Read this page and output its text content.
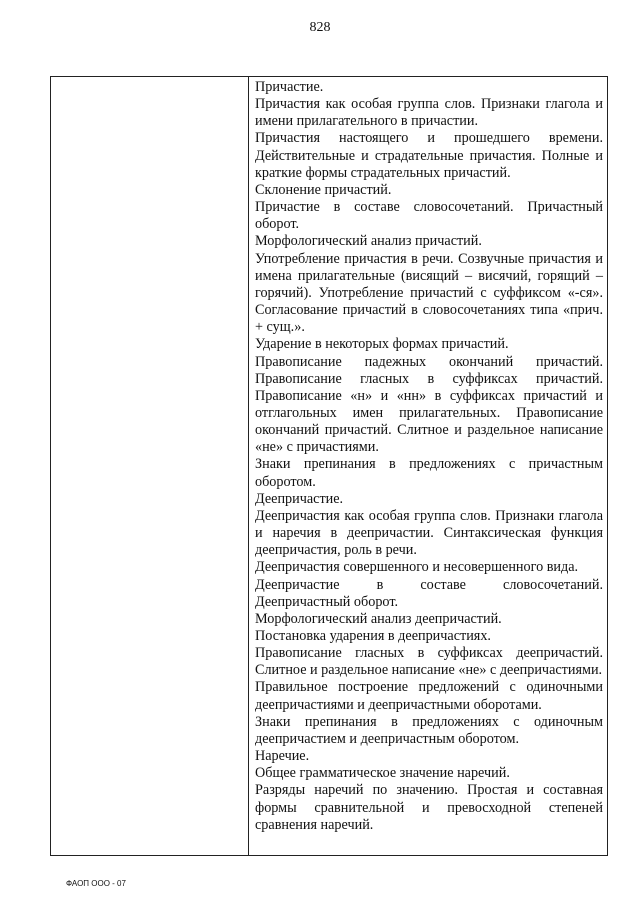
828

Причастие.

Причастия как особая группа слов. Признаки глагола и имени прилагательного в причастии.

Причастия настоящего и прошедшего времени.

Действительные и страдательные причастия. Полные и краткие формы страдательных причастий.

Склонение причастий.

Причастие в составе словосочетаний. Причастный оборот.

Морфологический анализ причастий.

Употребление причастия в речи. Созвучные причастия и имена прилагательные (висящий – висячий, горящий – горячий). Употребление причастий с суффиксом «-ся». Согласование причастий в словосочетаниях типа «прич. + сущ.».

Ударение в некоторых формах причастий.

Правописание падежных окончаний причастий.

Правописание гласных в суффиксах причастий.

Правописание «н» и «нн» в суффиксах причастий и отглагольных имен прилагательных. Правописание окончаний причастий. Слитное и раздельное написание «не» с причастиями.

Знаки препинания в предложениях с причастным оборотом.

Деепричастие.

Деепричастия как особая группа слов. Признаки глагола и наречия в деепричастии. Синтаксическая функция деепричастия, роль в речи.

Деепричастия совершенного и несовершенного вида.

Деепричастие в составе словосочетаний.

Деепричастный оборот.

Морфологический анализ деепричастий.

Постановка ударения в деепричастиях.

Правописание гласных в суффиксах деепричастий.

Слитное и раздельное написание «не» с деепричастиями.

Правильное построение предложений с одиночными деепричастиями и деепричастными оборотами.

Знаки препинания в предложениях с одиночным деепричастием и деепричастным оборотом.

Наречие.

Общее грамматическое значение наречий.

Разряды наречий по значению. Простая и составная формы сравнительной и превосходной степеней сравнения наречий.

ФАОП ООО - 07
